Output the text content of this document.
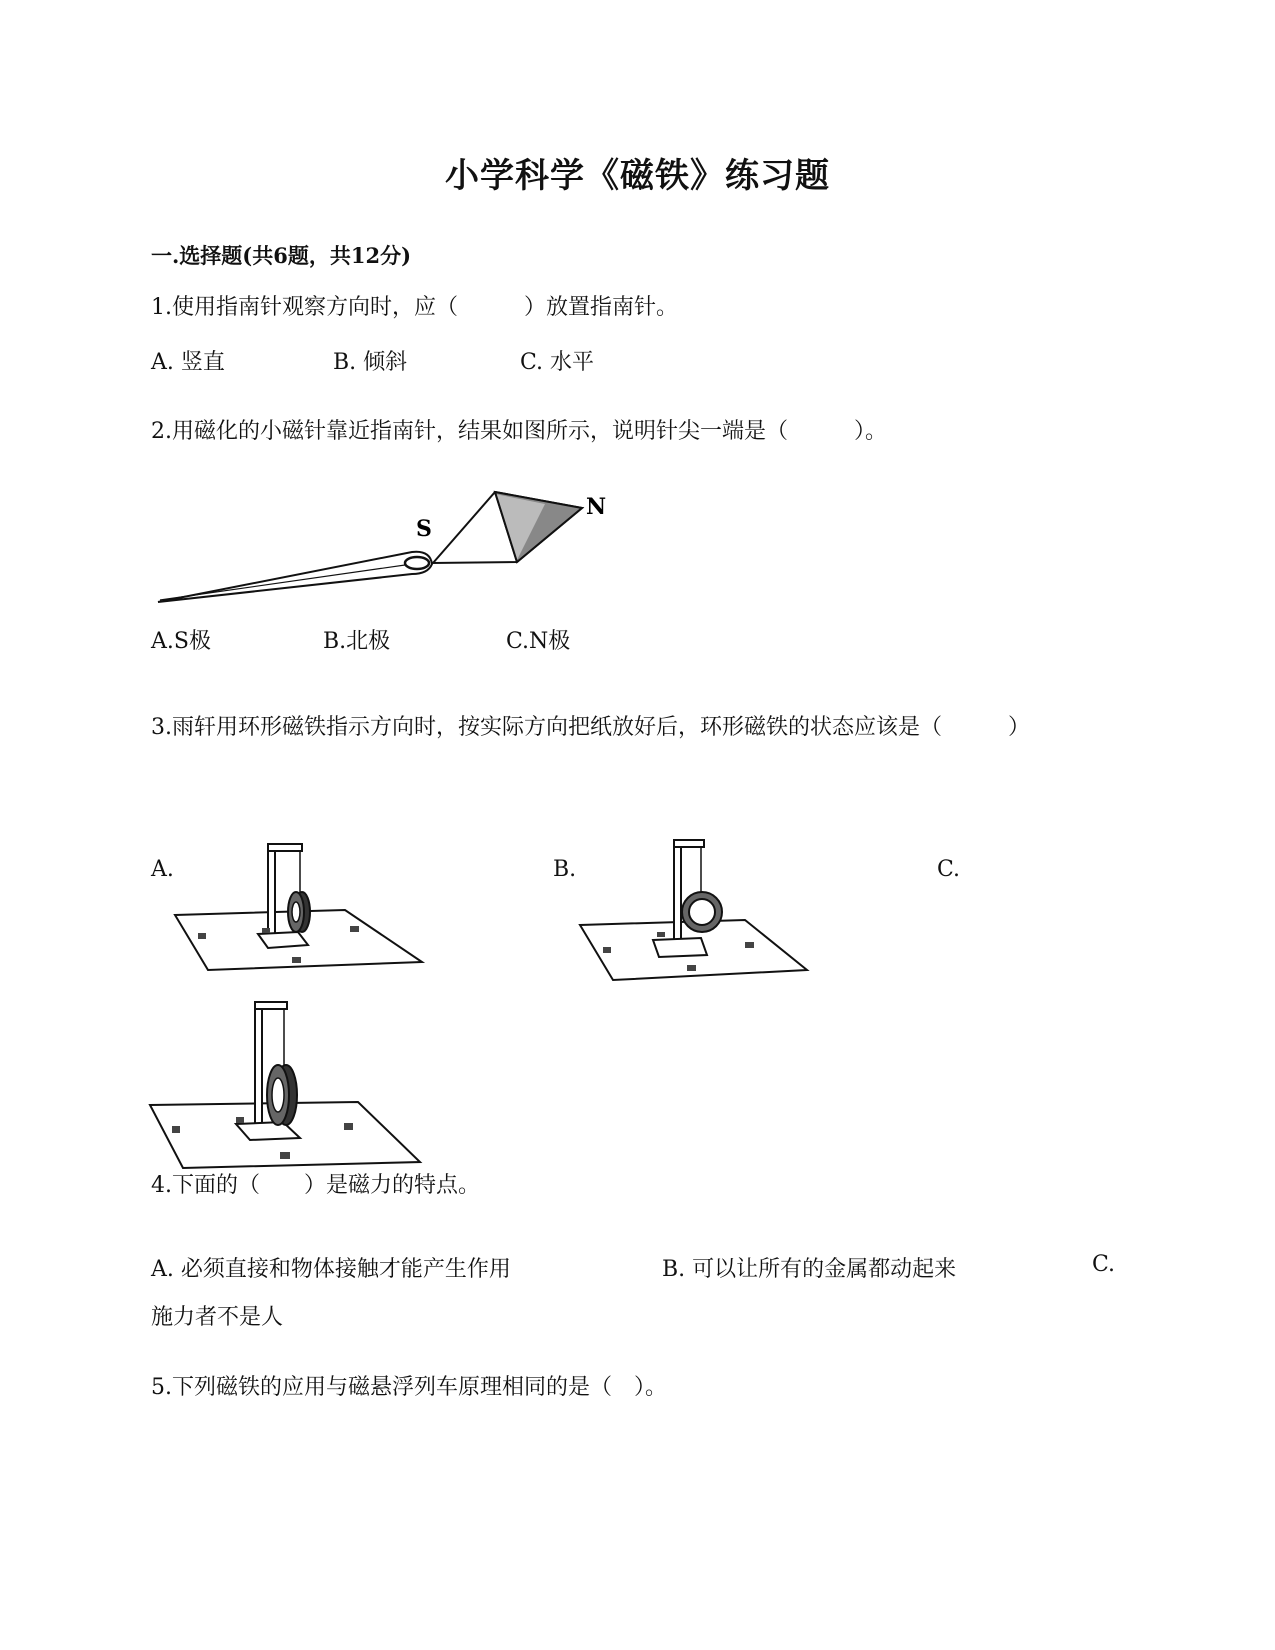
小学科学《磁铁》练习题
一.选择题(共6题，共12分)
1.使用指南针观察方向时，应（　　　）放置指南针。
A. 竖直	B. 倾斜	C. 水平
2.用磁化的小磁针靠近指南针，结果如图所示，说明针尖一端是（　　　）。
S
N
A.S极	B.北极	C.N极
3.雨轩用环形磁铁指示方向时，按实际方向把纸放好后，环形磁铁的状态应该是（　　　）
A.	B.	C.
4.下面的（　　）是磁力的特点。
A. 必须直接和物体接触才能产生作用	B. 可以让所有的金属都动起来	C.
施力者不是人
5.下列磁铁的应用与磁悬浮列车原理相同的是（　）。
